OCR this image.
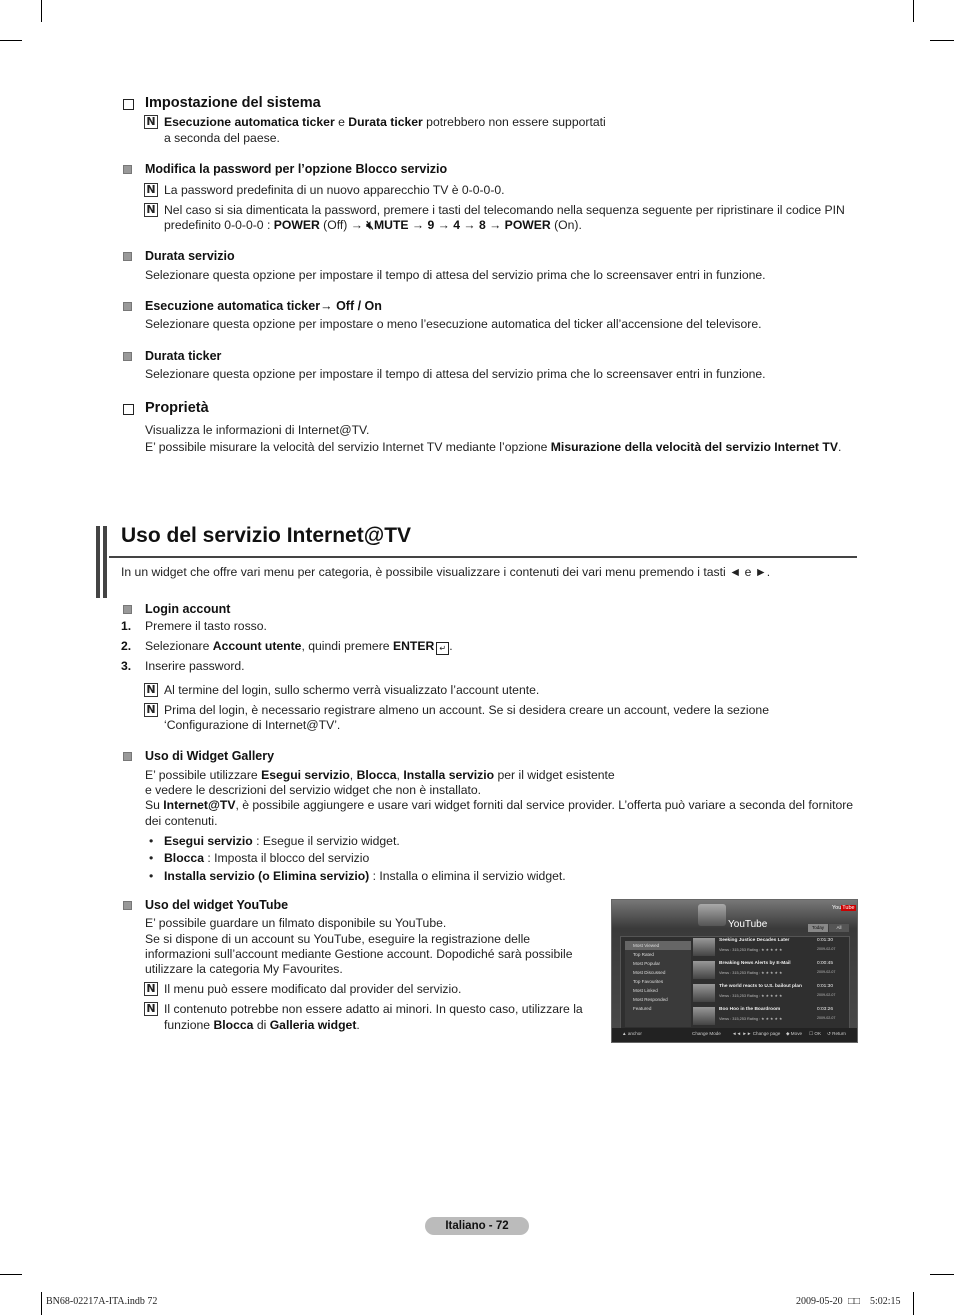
Impostazione del sistema
N Esecuzione automatica ticker e Durata ticker potrebbero non essere supportati
a seconda del paese.
Modifica la password per l’opzione Blocco servizio
N La password predefinita di un nuovo apparecchio TV è 0-0-0-0.
N Nel caso si sia dimenticata la password, premere i tasti del telecomando nella sequenza seguente per ripristinare il codice PIN
predefinito 0-0-0-0 : POWER (Off) → 🔇︎MUTE → 9 → 4 → 8 → POWER (On).
Durata servizio
Selezionare questa opzione per impostare il tempo di attesa del servizio prima che lo screensaver entri in funzione.
Esecuzione automatica ticker→ Off / On
Selezionare questa opzione per impostare o meno l’esecuzione automatica del ticker all’accensione del televisore.
Durata ticker
Selezionare questa opzione per impostare il tempo di attesa del servizio prima che lo screensaver entri in funzione.
Proprietà
Visualizza le informazioni di Internet@TV.
E’ possibile misurare la velocità del servizio Internet TV mediante l’opzione Misurazione della velocità del servizio Internet TV.
Uso del servizio Internet@TV
In un widget che offre vari menu per categoria, è possibile visualizzare i contenuti dei vari menu premendo i tasti ◄ e ►.
Login account
1. Premere il tasto rosso.
2. Selezionare Account utente, quindi premere ENTER ↵ .
3. Inserire password.
N Al termine del login, sullo schermo verrà visualizzato l’account utente.
N Prima del login, è necessario registrare almeno un account. Se si desidera creare un account, vedere la sezione
‘Configurazione di Internet@TV’.
Uso di Widget Gallery
E’ possibile utilizzare Esegui servizio, Blocca, Installa servizio per il widget esistente
e vedere le descrizioni del servizio widget che non è installato.
Su Internet@TV, è possibile aggiungere e usare vari widget forniti dal service provider. L’offerta può variare a seconda del fornitore
dei contenuti.
• Esegui servizio : Esegue il servizio widget.
• Blocca : Imposta il blocco del servizio
• Installa servizio (o Elimina servizio) : Installa o elimina il servizio widget.
Uso del widget YouTube
E’ possibile guardare un filmato disponibile su YouTube.
Se si dispone di un account su YouTube, eseguire la registrazione delle
informazioni sull’account mediante Gestione account. Dopodiché sarà possibile
utilizzare la categoria My Favourites.
N Il menu può essere modificato dal provider del servizio.
N Il contenuto potrebbe non essere adatto ai minori. In questo caso, utilizzare la
funzione Blocca di Galleria widget.
YouTube
YouTube
Today	All
Most Viewed
Top Rated
Most Popular
Most Discussed
Top Favourites
Most Linked
Most Responded
Featured
Seeking Justice Decades Later
Views : 315,253 Rating : ★ ★ ★ ★ ★
0:01:30
2009-02-07
Breaking News Alerts by E-Mail
Views : 315,253 Rating : ★ ★ ★ ★ ★
0:00:45
2009-02-07
The world reacts to U.S. bailout plan
Views : 315,253 Rating : ★ ★ ★ ★ ★
0:01:30
2009-02-07
Boo Hoo in the Boardroom
Views : 315,253 Rating : ★ ★ ★ ★ ★
0:03:26
2009-02-07
▲ anchor	Change Mode ◄◄ ►► Change page ◆ Move ☐ OK ↺ Return
Italiano - 72
BN68-02217A-ITA.indb 72	2009-05-20 □□ 5:02:15
